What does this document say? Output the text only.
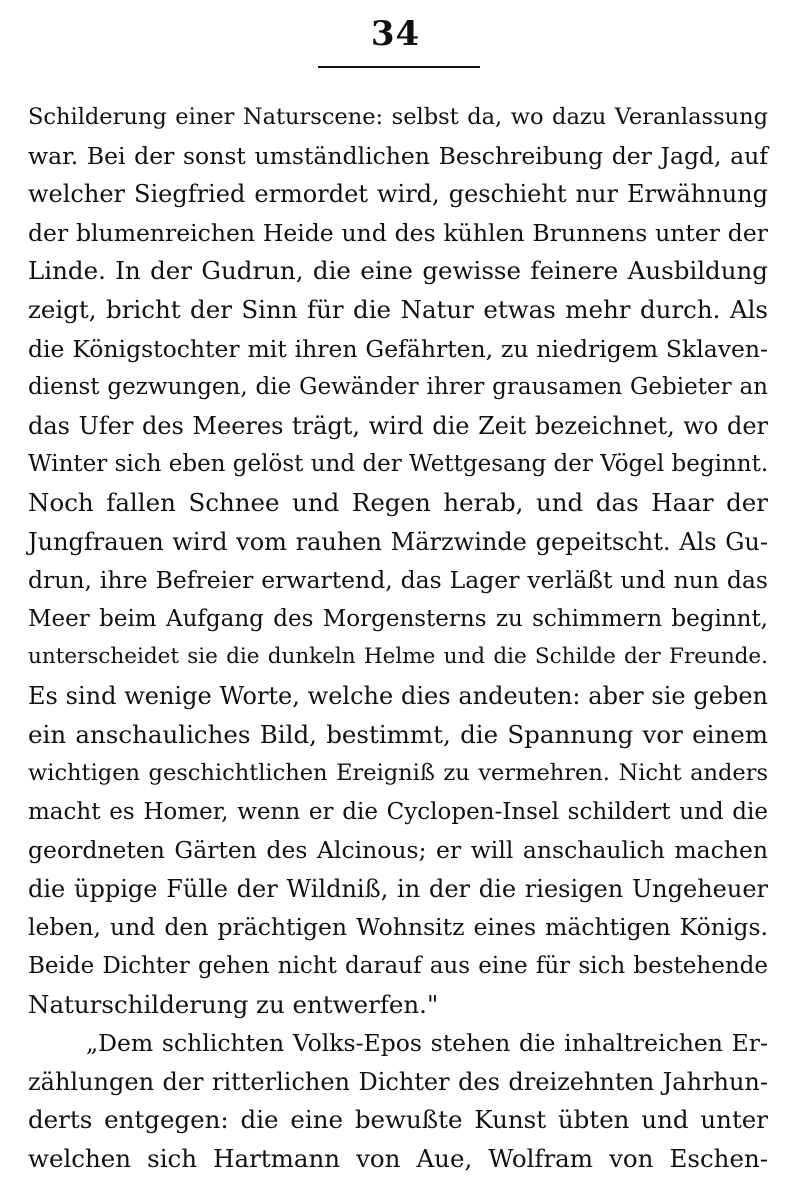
34
Schilderung einer Naturscene: selbst da, wo dazu Veranlassung
war. Bei der sonst umständlichen Beschreibung der Jagd, auf
welcher Siegfried ermordet wird, geschieht nur Erwähnung
der blumenreichen Heide und des kühlen Brunnens unter der
Linde. In der Gudrun, die eine gewisse feinere Ausbildung
zeigt, bricht der Sinn für die Natur etwas mehr durch. Als
die Königstochter mit ihren Gefährten, zu niedrigem Sklaven-
dienst gezwungen, die Gewänder ihrer grausamen Gebieter an
das Ufer des Meeres trägt, wird die Zeit bezeichnet, wo der
Winter sich eben gelöst und der Wettgesang der Vögel beginnt.
Noch fallen Schnee und Regen herab, und das Haar der
Jungfrauen wird vom rauhen Märzwinde gepeitscht. Als Gu-
drun, ihre Befreier erwartend, das Lager verläßt und nun das
Meer beim Aufgang des Morgensterns zu schimmern beginnt,
unterscheidet sie die dunkeln Helme und die Schilde der Freunde.
Es sind wenige Worte, welche dies andeuten: aber sie geben
ein anschauliches Bild, bestimmt, die Spannung vor einem
wichtigen geschichtlichen Ereigniß zu vermehren. Nicht anders
macht es Homer, wenn er die Cyclopen-Insel schildert und die
geordneten Gärten des Alcinous; er will anschaulich machen
die üppige Fülle der Wildniß, in der die riesigen Ungeheuer
leben, und den prächtigen Wohnsitz eines mächtigen Königs.
Beide Dichter gehen nicht darauf aus eine für sich bestehende
Naturschilderung zu entwerfen."
„Dem schlichten Volks-Epos stehen die inhaltreichen Er-
zählungen der ritterlichen Dichter des dreizehnten Jahrhun-
derts entgegen: die eine bewußte Kunst übten und unter
welchen sich Hartmann von Aue, Wolfram von Eschen-
